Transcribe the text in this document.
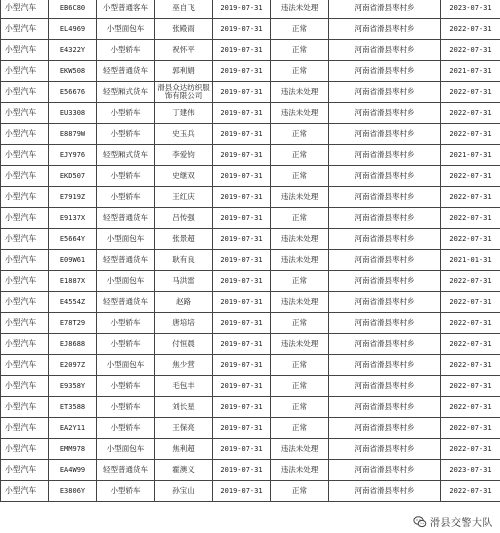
小型汽车	EB6C80	小型普通客车	巫自飞	2019-07-31	违法未处理	河南省滑县枣村乡	2023-07-31
小型汽车	EL4969	小型面包车	张殿雨	2019-07-31	正常	河南省滑县枣村乡	2022-07-31
小型汽车	E4322Y	小型轿车	祝怀平	2019-07-31	正常	河南省滑县枣村乡	2022-07-31
小型汽车	EKW508	轻型普通货车	郭利娟	2019-07-31	正常	河南省滑县枣村乡	2021-07-31
小型汽车	E56676	轻型厢式货车	滑县众达纺织服饰有限公司	2019-07-31	违法未处理	河南省滑县枣村乡	2022-07-31
小型汽车	EU3308	小型轿车	丁建伟	2019-07-31	违法未处理	河南省滑县枣村乡	2022-07-31
小型汽车	E8879W	小型轿车	史玉兵	2019-07-31	正常	河南省滑县枣村乡	2022-07-31
小型汽车	EJY976	轻型厢式货车	李爱钧	2019-07-31	正常	河南省滑县枣村乡	2021-07-31
小型汽车	EKD507	小型轿车	史继双	2019-07-31	正常	河南省滑县枣村乡	2022-07-31
小型汽车	E7919Z	小型轿车	王红庆	2019-07-31	违法未处理	河南省滑县枣村乡	2022-07-31
小型汽车	E9137X	轻型普通货车	吕传强	2019-07-31	正常	河南省滑县枣村乡	2022-07-31
小型汽车	E5664Y	小型面包车	张景超	2019-07-31	违法未处理	河南省滑县枣村乡	2022-07-31
小型汽车	E09W61	轻型普通货车	耿有良	2019-07-31	违法未处理	河南省滑县枣村乡	2021-01-31
小型汽车	E1887X	小型面包车	马洪雷	2019-07-31	正常	河南省滑县枣村乡	2022-07-31
小型汽车	E4554Z	轻型普通货车	赵路	2019-07-31	违法未处理	河南省滑县枣村乡	2022-07-31
小型汽车	E78T29	小型轿车	唐培培	2019-07-31	正常	河南省滑县枣村乡	2022-07-31
小型汽车	EJ8688	小型轿车	付恒晨	2019-07-31	违法未处理	河南省滑县枣村乡	2022-07-31
小型汽车	E2097Z	小型面包车	焦少营	2019-07-31	正常	河南省滑县枣村乡	2022-07-31
小型汽车	E9358Y	小型轿车	毛包丰	2019-07-31	正常	河南省滑县枣村乡	2022-07-31
小型汽车	ET3588	小型轿车	刘长星	2019-07-31	正常	河南省滑县枣村乡	2022-07-31
小型汽车	EA2Y11	小型轿车	王保亮	2019-07-31	正常	河南省滑县枣村乡	2022-07-31
小型汽车	EMM978	小型面包车	焦利超	2019-07-31	违法未处理	河南省滑县枣村乡	2022-07-31
小型汽车	EA4W99	轻型普通货车	霍澳义	2019-07-31	违法未处理	河南省滑县枣村乡	2023-07-31
小型汽车	E3806Y	小型轿车	孙宝山	2019-07-31	正常	河南省滑县枣村乡	2022-07-31
滑县交警大队
